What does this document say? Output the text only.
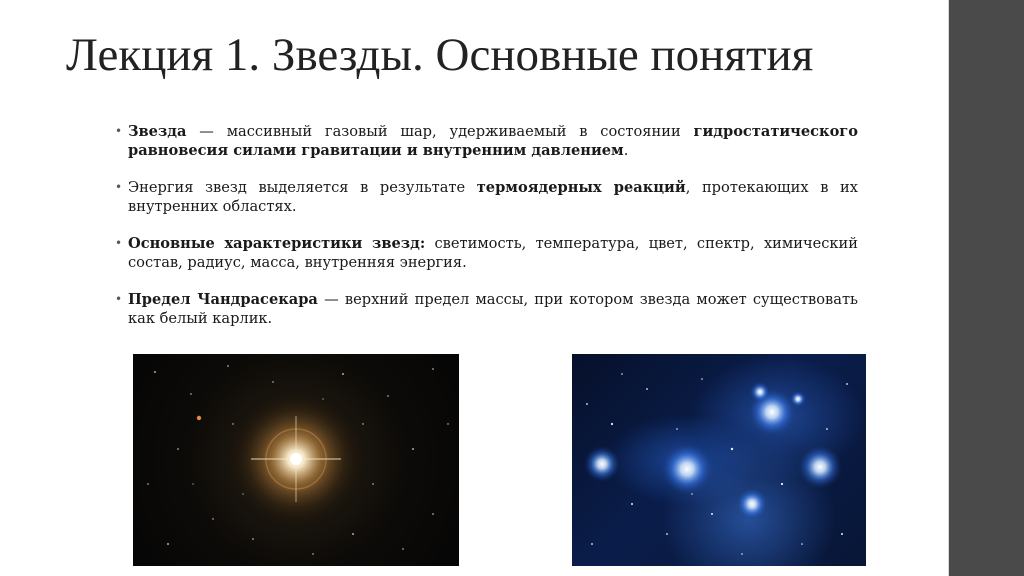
Лекция 1. Звезды. Основные понятия
• Звезда — массивный газовый шар, удерживаемый в состоянии гидростатического равновесия силами гравитации и внутренним давлением.
• Энергия звезд выделяется в результате термоядерных реакций, протекающих в их внутренних областях.
• Основные характеристики звезд: светимость, температура, цвет, спектр, химический состав, радиус, масса, внутренняя энергия.
• Предел Чандрасекара — верхний предел массы, при котором звезда может существовать как белый карлик.
